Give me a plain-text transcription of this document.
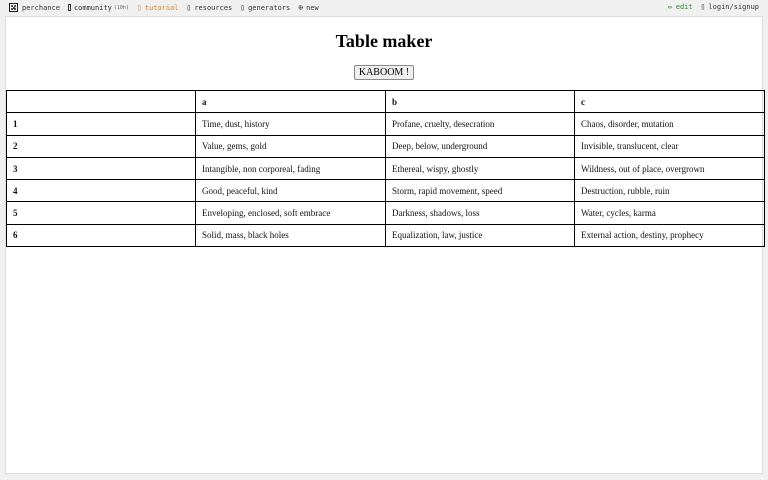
perchance community (10h) ▯ tutorial ▯ resources ▯ generators ⊕ new	✏ edit ▯ login/signup
Table maker
KABOOM !
	a	b	c
1	Time, dust, history	Profane, cruelty, desecration	Chaos, disorder, mutation
2	Value, gems, gold	Deep, below, underground	Invisible, translucent, clear
3	Intangible, non corporeal, fading	Ethereal, wispy, ghostly	Wildness, out of place, overgrown
4	Good, peaceful, kind	Storm, rapid movement, speed	Destruction, rubble, ruin
5	Enveloping, enclosed, soft embrace	Darkness, shadows, loss	Water, cycles, karma
6	Solid, mass, black holes	Equalization, law, justice	External action, destiny, prophecy
